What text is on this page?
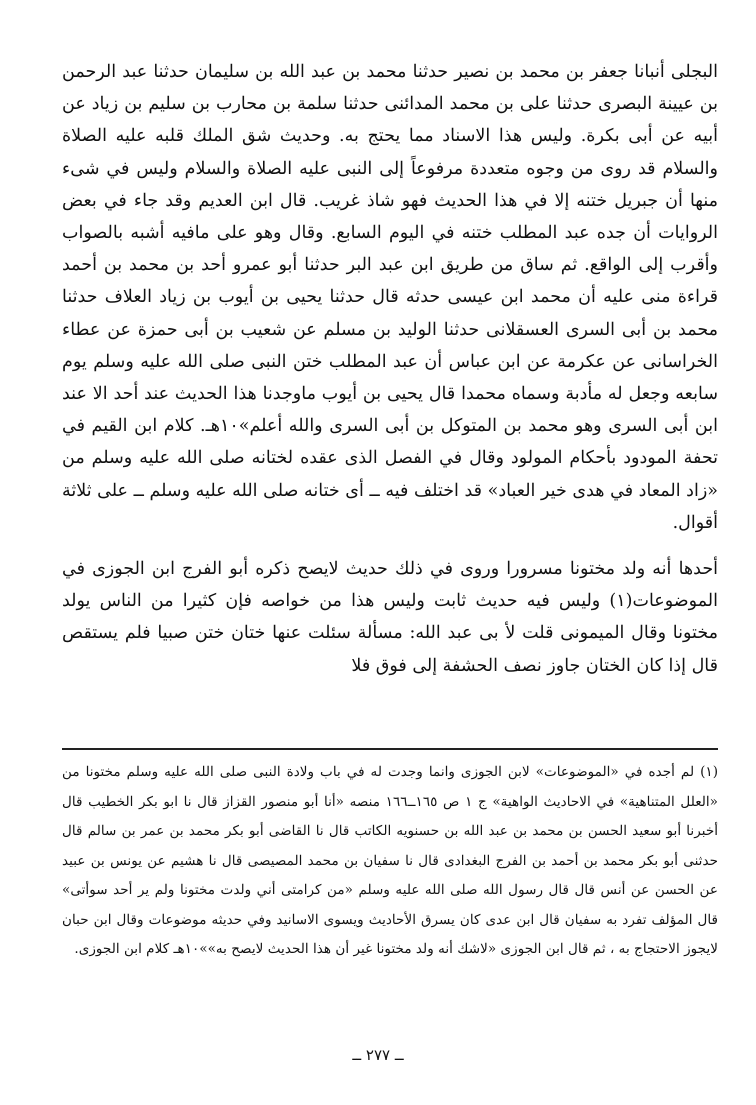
البجلى أنبانا جعفر بن محمد بن نصير حدثنا محمد بن عبد الله بن سليمان حدثنا عبد الرحمن بن عيينة البصرى حدثنا على بن محمد المدائنى حدثنا سلمة بن محارب بن سليم بن زياد عن أبيه عن أبى بكرة. وليس هذا الاسناد مما يحتج به. وحديث شق الملك قلبه عليه الصلاة والسلام قد روى من وجوه متعددة مرفوعاً إلى النبى عليه الصلاة والسلام وليس في شىء منها أن جبريل ختنه إلا في هذا الحديث فهو شاذ غريب. قال ابن العديم وقد جاء في بعض الروايات أن جده عبد المطلب ختنه في اليوم السابع. وقال وهو على مافيه أشبه بالصواب وأقرب إلى الواقع. ثم ساق من طريق ابن عبد البر حدثنا أبو عمرو أحد بن محمد بن أحمد قراءة منى عليه أن محمد ابن عيسى حدثه قال حدثنا يحيى بن أيوب بن زياد العلاف حدثنا محمد بن أبى السرى العسقلانى حدثنا الوليد بن مسلم عن شعيب بن أبى حمزة عن عطاء الخراسانى عن عكرمة عن ابن عباس أن عبد المطلب ختن النبى صلى الله عليه وسلم يوم سابعه وجعل له مأدبة وسماه محمدا قال يحيى بن أيوب ماوجدنا هذا الحديث عند أحد الا عند ابن أبى السرى وهو محمد بن المتوكل بن أبى السرى والله أعلم»١٠هـ. كلام ابن القيم في تحفة المودود بأحكام المولود وقال في الفصل الذى عقده لختانه صلى الله عليه وسلم من «زاد المعاد في هدى خير العباد» قد اختلف فيه ــ أى ختانه صلى الله عليه وسلم ــ على ثلاثة أقوال.

أحدها أنه ولد مختونا مسرورا وروى في ذلك حديث لايصح ذكره أبو الفرج ابن الجوزى في الموضوعات(١) وليس فيه حديث ثابت وليس هذا من خواصه فإن كثيرا من الناس يولد مختونا وقال الميمونى قلت لأ بى عبد الله: مسألة سئلت عنها ختان ختن صبيا فلم يستقص قال إذا كان الختان جاوز نصف الحشفة إلى فوق فلا

(١) لم أجده في «الموضوعات» لابن الجوزى وانما وجدت له في باب ولادة النبى صلى الله عليه وسلم مختونا من «العلل المتناهية» في الاحاديث الواهية» ج ١ ص ١٦٥ــ١٦٦ منصه «أنا أبو منصور القزاز قال نا ابو بكر الخطيب قال أخبرنا أبو سعيد الحسن بن محمد بن عبد الله بن حسنويه الكاتب قال نا القاضى أبو بكر محمد بن عمر بن سالم قال حدثنى أبو بكر محمد بن أحمد بن الفرج البغدادى قال نا سفيان بن محمد المصيصى قال نا هشيم عن يونس بن عبيد عن الحسن عن أنس قال قال رسول الله صلى الله عليه وسلم «من كرامتى أني ولدت مختونا ولم ير أحد سوأتى» قال المؤلف تفرد به سفيان قال ابن عدى كان يسرق الأحاديث ويسوى الاسانيد وفي حديثه موضوعات وقال ابن حبان لايجوز الاحتجاج به ، ثم قال ابن الجوزى «لاشك أنه ولد مختونا غير أن هذا الحديث لايصح به»»١٠هـ كلام ابن الجوزى.

ــ ٢٧٧ ــ
